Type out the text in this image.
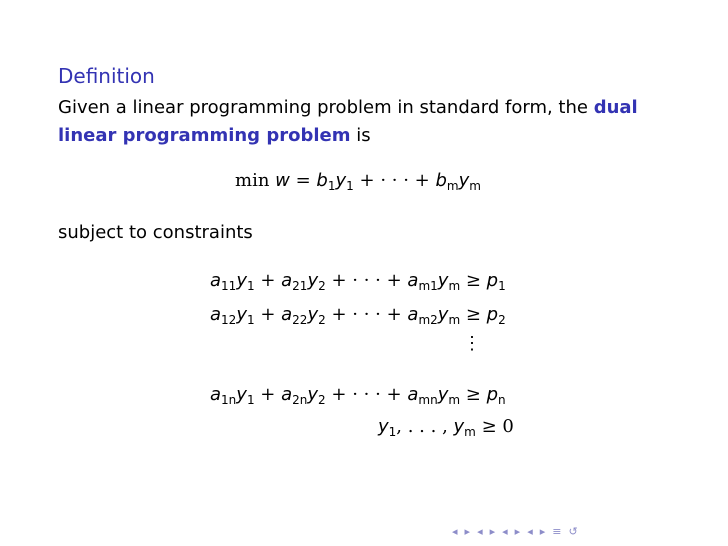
Definition
Given a linear programming problem in standard form, the dual linear programming problem is
$\min w = b_1y_1$ + · · · + $b_my_m$
subject to constraints
$a_{11}y_1 + a_{21}y_2$ + · · · + $a_{m1}y_m \ge p_1$
$a_{12}y_1 + a_{22}y_2$ + · · · + $a_{m2}y_m \ge p_2$
⋮
$a_{1n}y_1 + a_{2n}y_2$ + · · · + $a_{mn}y_m \ge p_n$
$y_1$, . . . , $y_m \ge 0$
◂ ▸ ◂ ▸ ◂ ▸ ◂ ▸ ≡ ↺
